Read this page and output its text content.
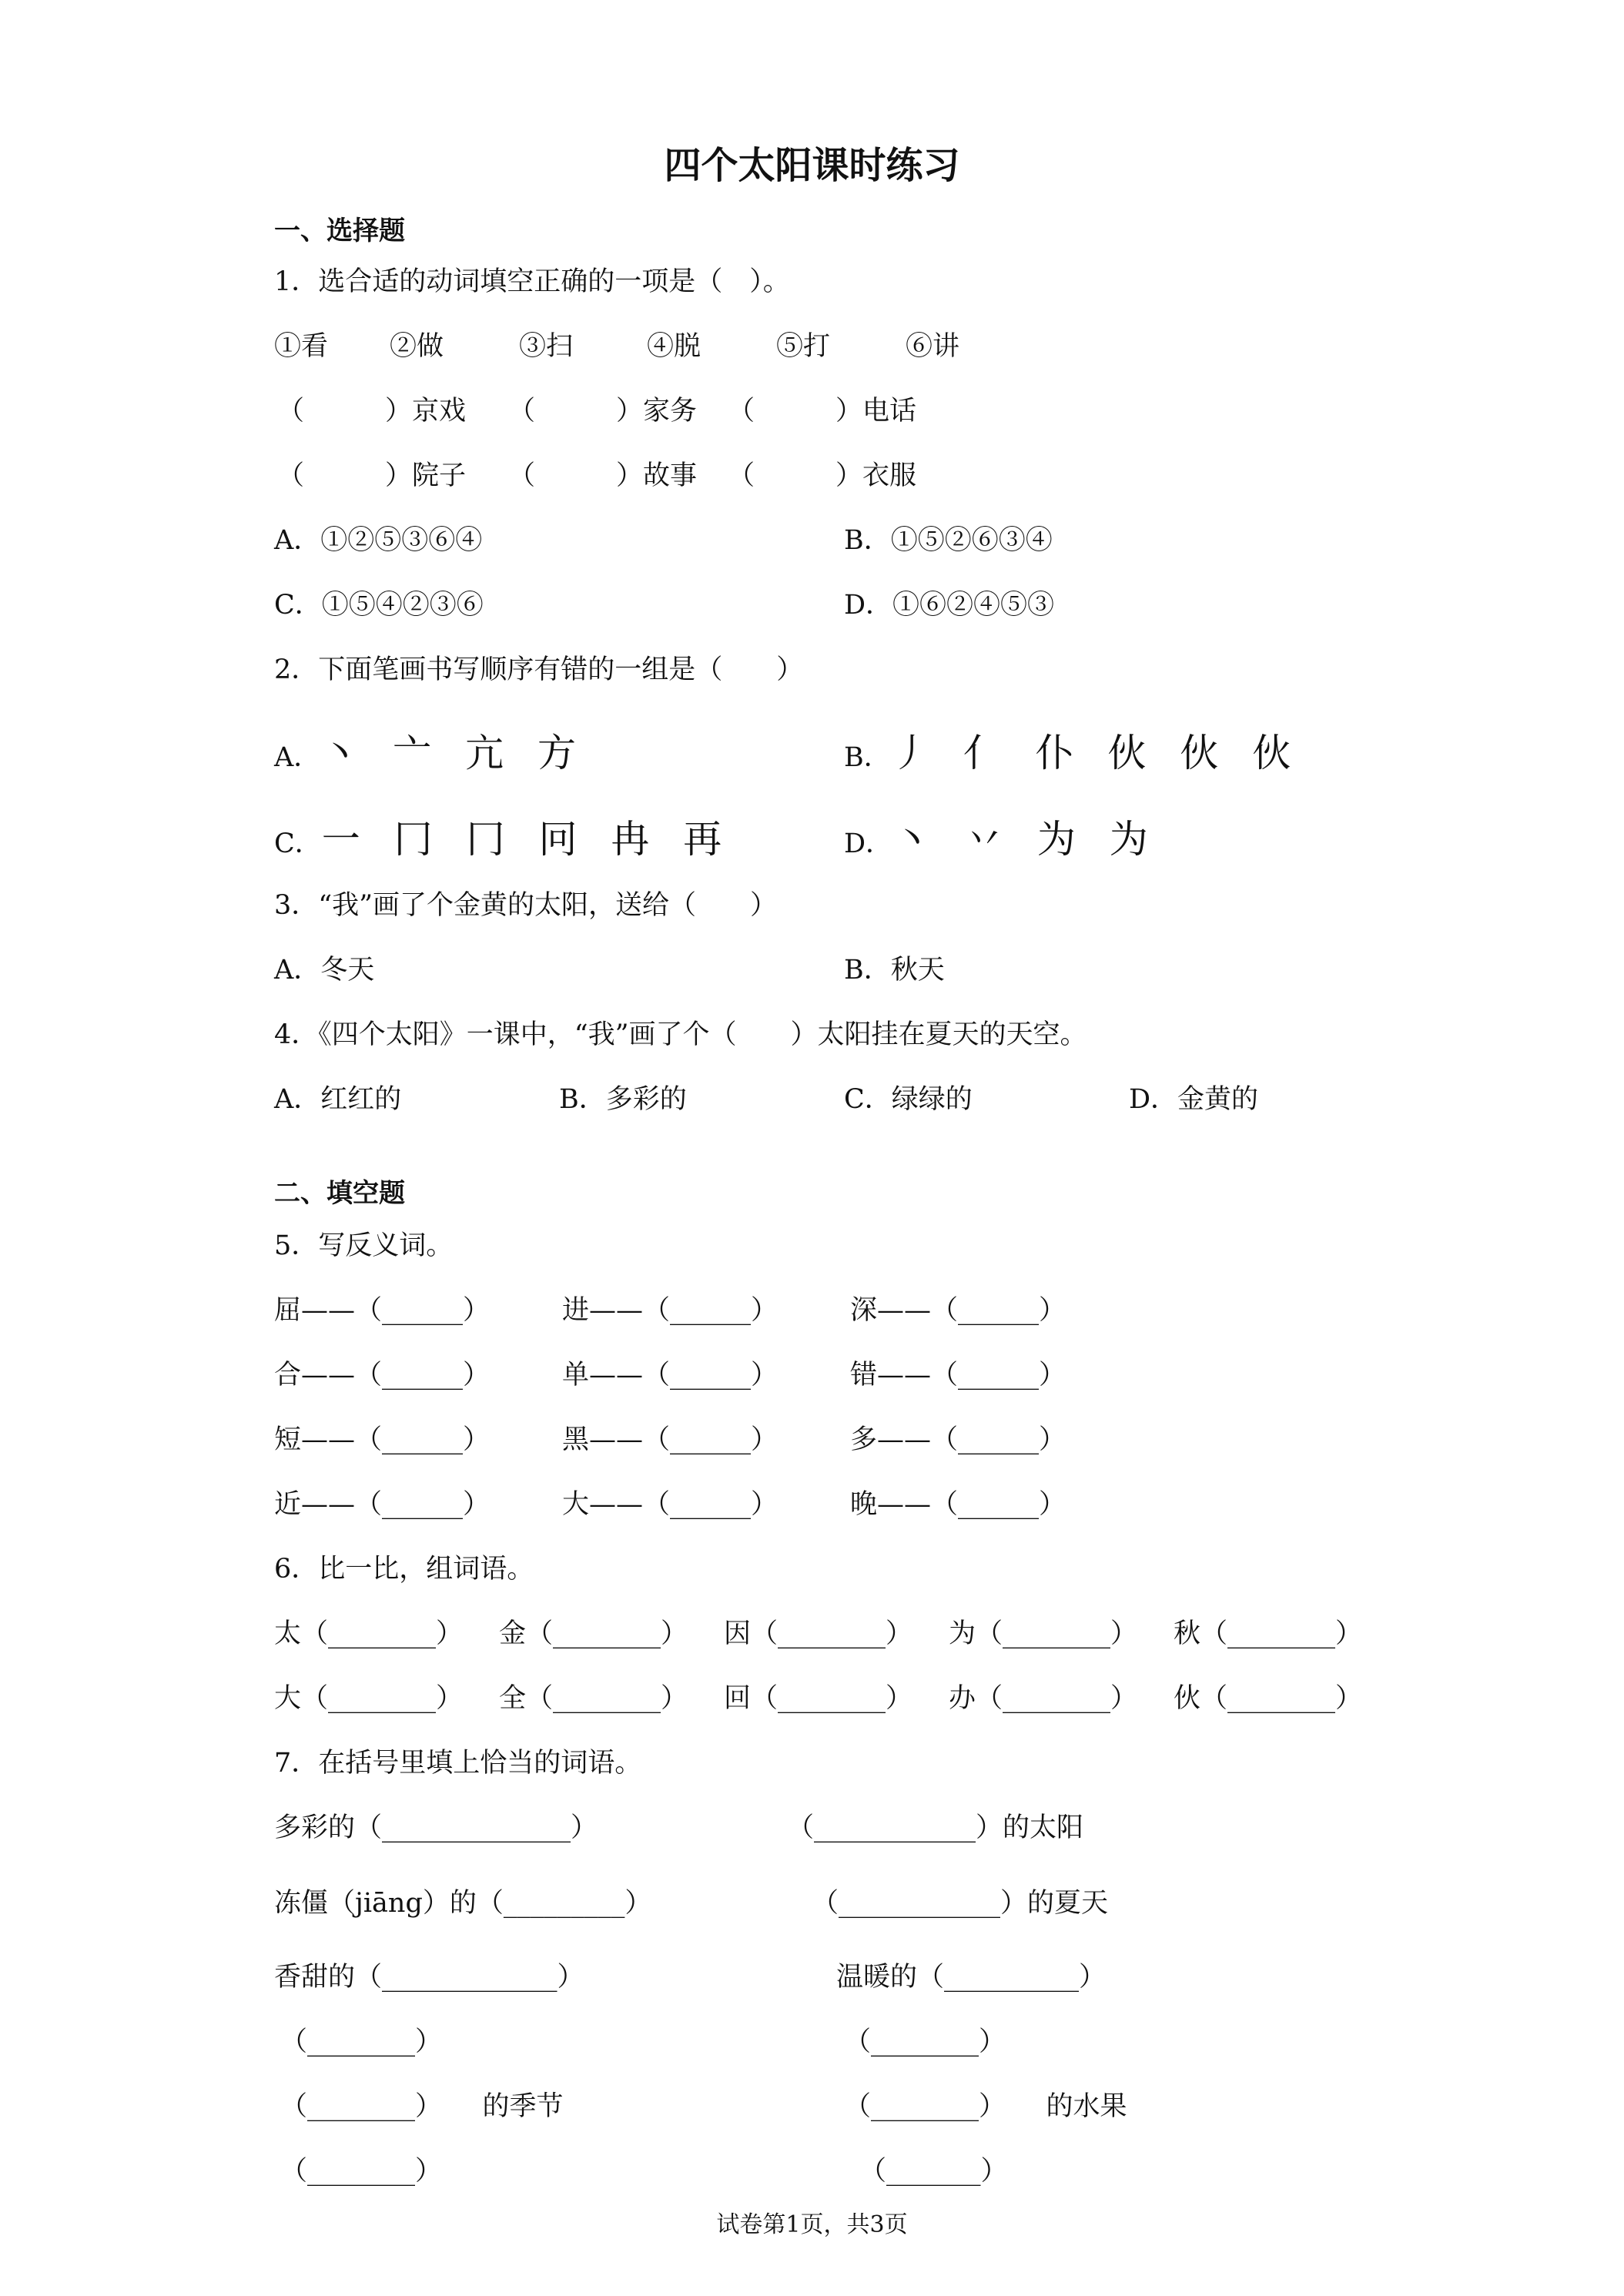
四个太阳课时练习
一、选择题
1．选合适的动词填空正确的一项是（　）。
①看 ②做	③扫	④脱	⑤打	⑥讲
（　　　）京戏 （　　　）家务 （　　　）电话
（　　　）院子 （　　　）故事 （　　　）衣服
A．①②⑤③⑥④	B．①⑤②⑥③④
C．①⑤④②③⑥	D．①⑥②④⑤③
2．下面笔画书写顺序有错的一组是（　　）
A．丶 亠 亢 方	B．丿 亻 仆 伙 伙 伙
C．一 冂 冂 冋 冉 再	D．丶 丷 为 为
3．“我”画了个金黄的太阳，送给（　　）
A．冬天	B．秋天
4．《四个太阳》一课中，“我”画了个（　　）太阳挂在夏天的天空。
A．红红的	B．多彩的	C．绿绿的	D．金黄的
二、填空题
5．写反义词。
屈——（______）	进——（______）	深——（______）
合——（______）	单——（______）	错——（______）
短——（______）	黑——（______）	多——（______）
近——（______）	大——（______）	晚——（______）
6．比一比，组词语。
太（________） 金（________） 因（________） 为（________） 秋（________）
大（________） 全（________） 回（________） 办（________） 伙（________）
7．在括号里填上恰当的词语。
多彩的（______________）	（____________）的太阳
冻僵（jiāng）的（_________）	（____________）的夏天
香甜的（_____________）	温暖的（__________）
（________）	（________）
（________）　　的季节	（________）　　的水果
（________）	（_______）
试卷第1页，共3页
